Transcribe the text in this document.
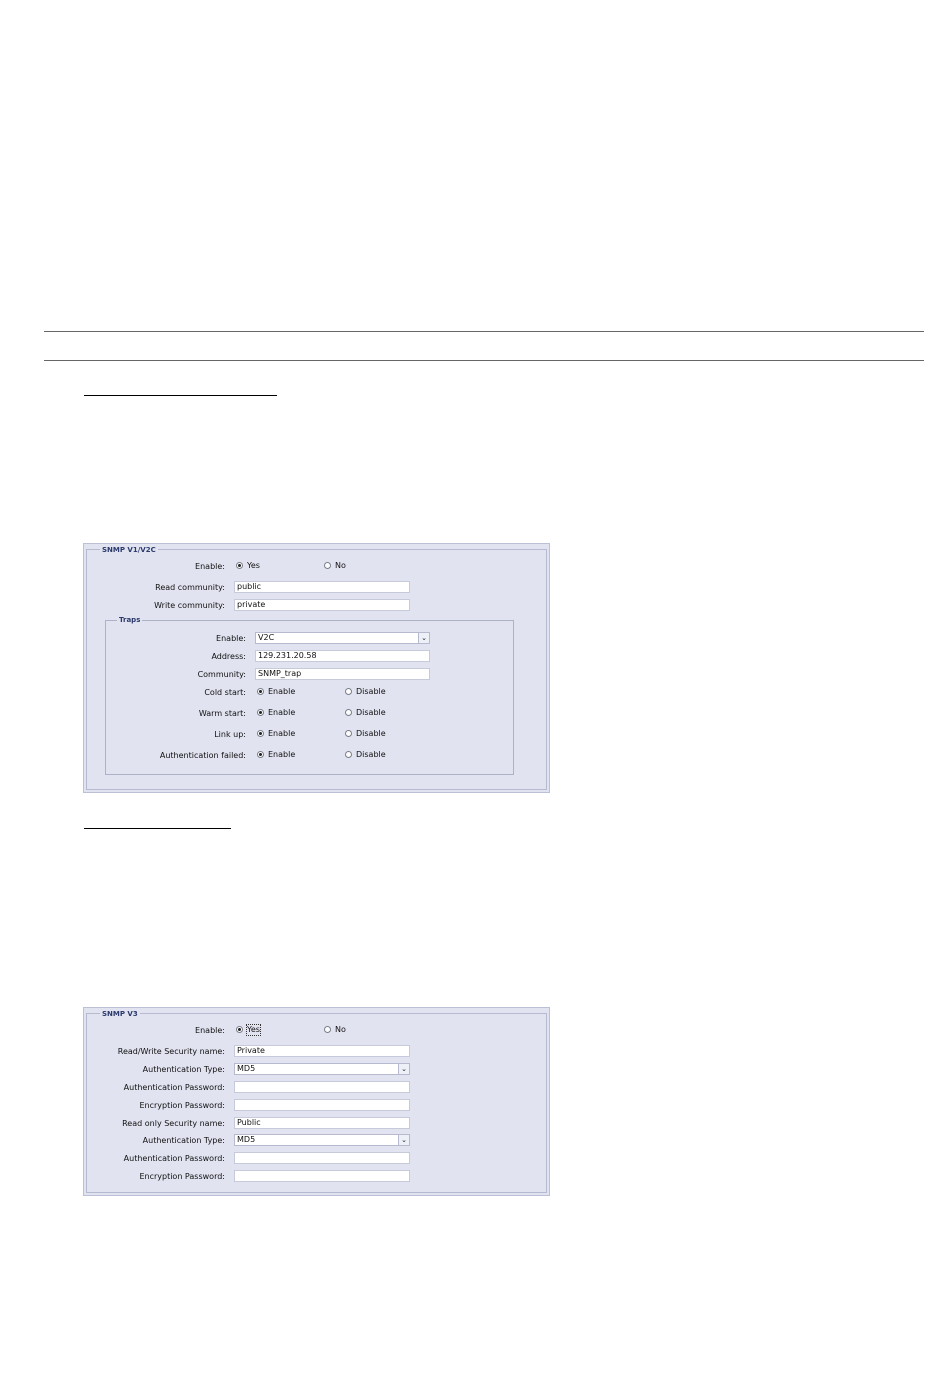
SNMP V1/V2C
Enable:	Yes	No
Read community:	public
Write community:	private
Traps
Enable:	V2C	⌄
Address:	129.231.20.58
Community:	SNMP_trap
Cold start:	Enable	Disable
Warm start:	Enable	Disable
Link up:	Enable	Disable
Authentication failed:	Enable	Disable
SNMP V3
Enable:	Yes	No
Read/Write Security name:	Private
Authentication Type:	MD5	⌄
Authentication Password:
Encryption Password:
Read only Security name:	Public
Authentication Type:	MD5	⌄
Authentication Password:
Encryption Password:
